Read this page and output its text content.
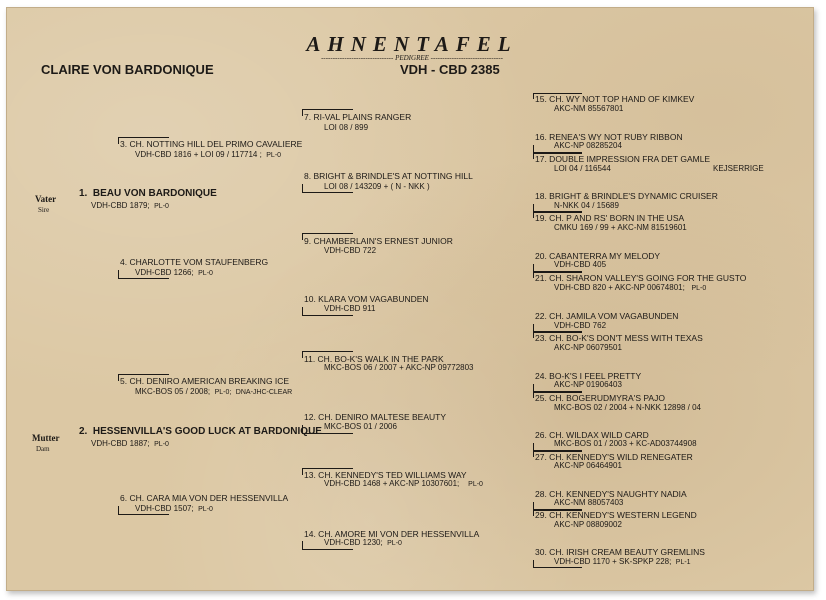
AHNENTAFEL
------------------------------- PEDIGREE -------------------------------
CLAIRE VON BARDONIQUE	VDH - CBD 2385
Vater
Sire
Mutter
Dam
1. BEAU VON BARDONIQUE
VDH-CBD 1879; PL-0
2. HESSENVILLA'S GOOD LUCK AT BARDONIQUE
VDH-CBD 1887; PL-0
3. CH. NOTTING HILL DEL PRIMO CAVALIERE
VDH-CBD 1816 + LOI 09 / 117714 ; PL-0
4. CHARLOTTE VOM STAUFENBERG
VDH-CBD 1266; PL-0
5. CH. DENIRO AMERICAN BREAKING ICE
MKC-BOS 05 / 2008; PL-0; DNA-JHC-CLEAR
6. CH. CARA MIA VON DER HESSENVILLA
VDH-CBD 1507; PL-0
7. RI-VAL PLAINS RANGER
LOI 08 / 899
8. BRIGHT & BRINDLE'S AT NOTTING HILL
LOI 08 / 143209 + ( N - NKK )
9. CHAMBERLAIN'S ERNEST JUNIOR
VDH-CBD 722
10. KLARA VOM VAGABUNDEN
VDH-CBD 911
11. CH. BO-K'S WALK IN THE PARK
MKC-BOS 06 / 2007 + AKC-NP 09772803
12. CH. DENIRO MALTESE BEAUTY
MKC-BOS 01 / 2006
13. CH. KENNEDY'S TED WILLIAMS WAY
VDH-CBD 1468 + AKC-NP 10307601; PL-0
14. CH. AMORE MI VON DER HESSENVILLA
VDH-CBD 1230; PL-0
15. CH. WY NOT TOP HAND OF KIMKEV
AKC-NM 85567801
16. RENEA'S WY NOT RUBY RIBBON
AKC-NP 08285204
17. DOUBLE IMPRESSION FRA DET GAMLE
LOI 04 / 116544	KEJSERRIGE
18. BRIGHT & BRINDLE'S DYNAMIC CRUISER
N-NKK 04 / 15689
19. CH. P AND RS' BORN IN THE USA
CMKU 169 / 99 + AKC-NM 81519601
20. CABANTERRA MY MELODY
VDH-CBD 405
21. CH. SHARON VALLEY'S GOING FOR THE GUSTO
VDH-CBD 820 + AKC-NP 00674801; PL-0
22. CH. JAMILA VOM VAGABUNDEN
VDH-CBD 762
23. CH. BO-K'S DON'T MESS WITH TEXAS
AKC-NP 06079501
24. BO-K'S I FEEL PRETTY
AKC-NP 01906403
25. CH. BOGERUDMYRA'S PAJO
MKC-BOS 02 / 2004 + N-NKK 12898 / 04
26. CH. WILDAX WILD CARD
MKC-BOS 01 / 2003 + KC-AD03744908
27. CH. KENNEDY'S WILD RENEGATER
AKC-NP 06464901
28. CH. KENNEDY'S NAUGHTY NADIA
AKC-NM 88057403
29. CH. KENNEDY'S WESTERN LEGEND
AKC-NP 08809002
30. CH. IRISH CREAM BEAUTY GREMLINS
VDH-CBD 1170 + SK-SPKP 228; PL-1
